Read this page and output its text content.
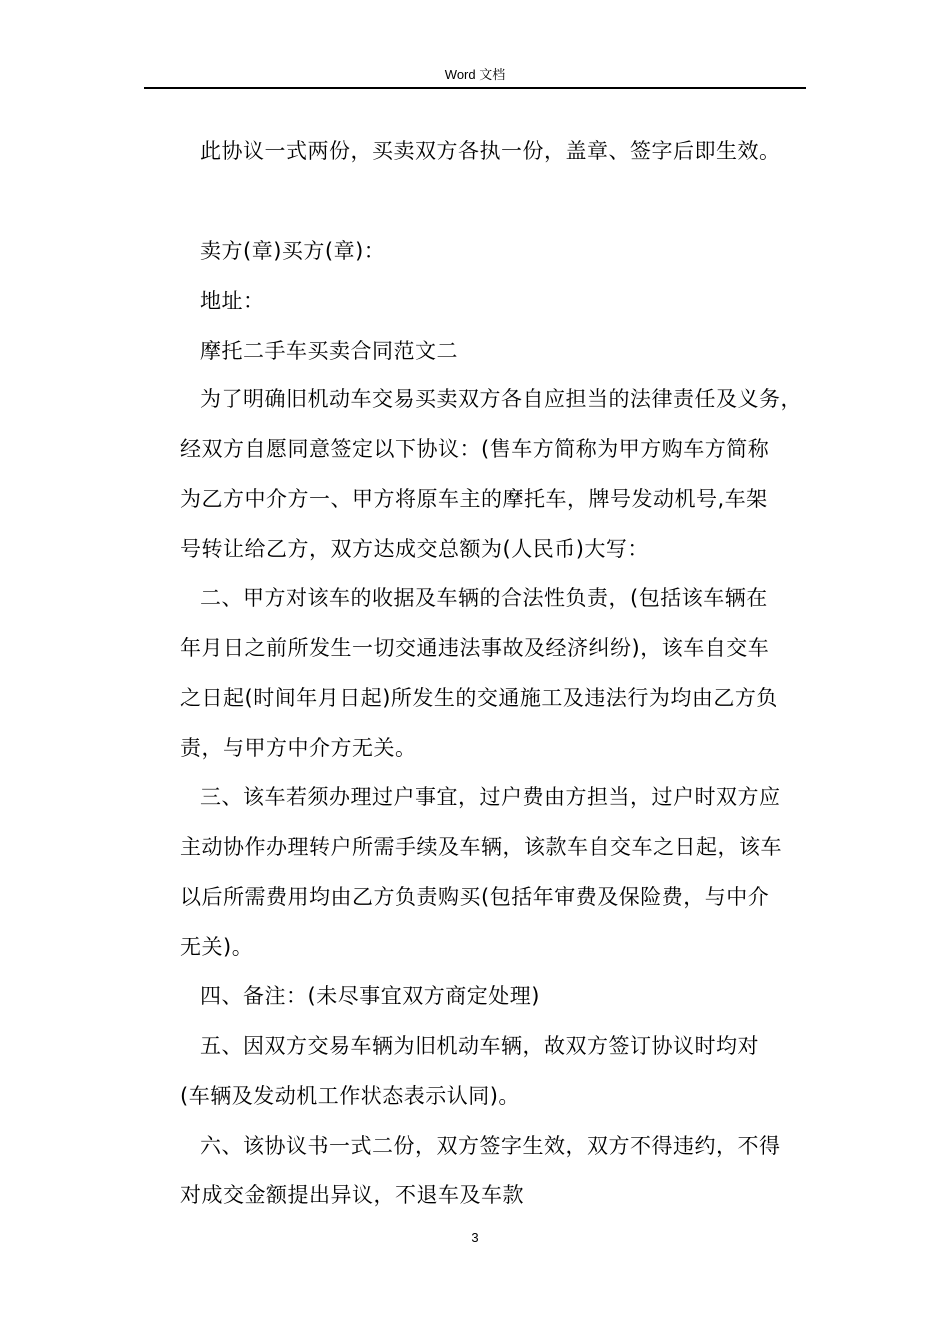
Word 文档
此协议一式两份，买卖双方各执一份，盖章、签字后即生效。
卖方(章)买方(章)：
地址：
摩托二手车买卖合同范文二
为了明确旧机动车交易买卖双方各自应担当的法律责任及义务，
经双方自愿同意签定以下协议：(售车方简称为甲方购车方简称
为乙方中介方一、甲方将原车主的摩托车，牌号发动机号,车架
号转让给乙方，双方达成交总额为(人民币)大写：
二、甲方对该车的收据及车辆的合法性负责，(包括该车辆在
年月日之前所发生一切交通违法事故及经济纠纷)，该车自交车
之日起(时间年月日起)所发生的交通施工及违法行为均由乙方负
责，与甲方中介方无关。
三、该车若须办理过户事宜，过户费由方担当，过户时双方应
主动协作办理转户所需手续及车辆，该款车自交车之日起，该车
以后所需费用均由乙方负责购买(包括年审费及保险费，与中介
无关)。
四、备注：(未尽事宜双方商定处理)
五、因双方交易车辆为旧机动车辆，故双方签订协议时均对
(车辆及发动机工作状态表示认同)。
六、该协议书一式二份，双方签字生效，双方不得违约，不得
对成交金额提出异议，不退车及车款
3
